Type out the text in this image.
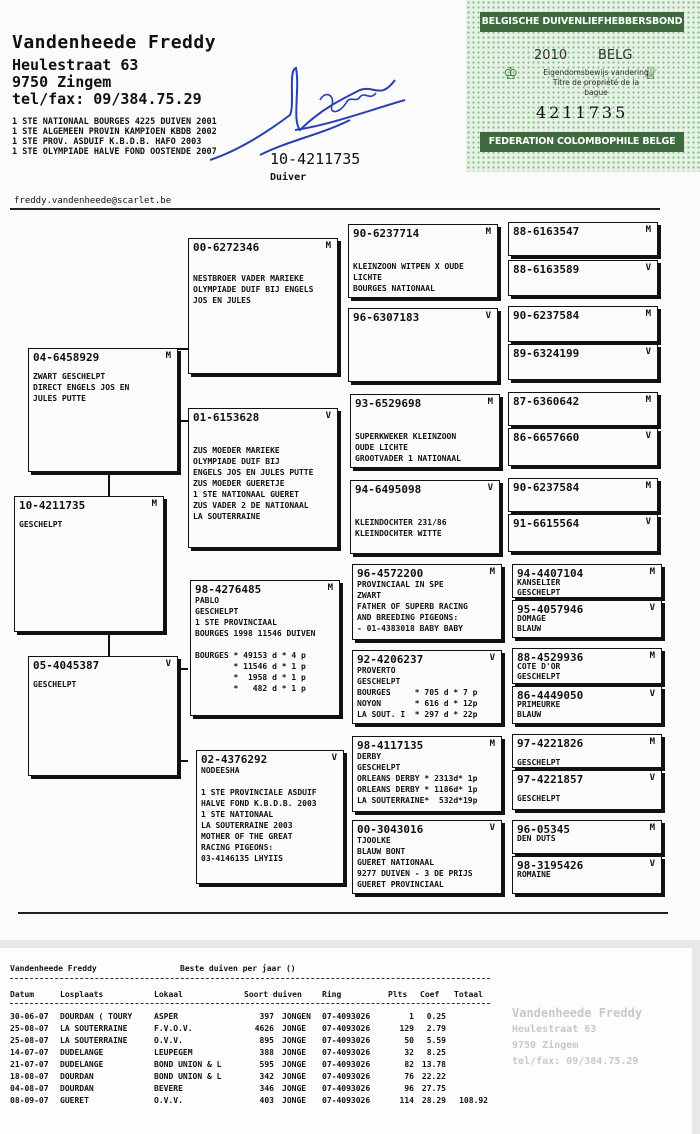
Vandenheede Freddy
Heulestraat 63
9750 Zingem
tel/fax: 09/384.75.29
1 STE NATIONAAL BOURGES 4225 DUIVEN 2001
1 STE ALGEMEEN PROVIN KAMPIOEN KBDB 2002
1 STE PROV. ASDUIF K.B.D.B. HAFO 2003
1 STE OLYMPIADE HALVE FOND OOSTENDE 2007	10-4211735
Duiver
BELGISCHE DUIVENLIEFHEBBERSBOND
2010 BELG
♔	♕
Eigendomsbewijs vandering
Titre de propriété de la bague
4211735
FEDERATION COLOMBOPHILE BELGE
freddy.vandenheede@scarlet.be
10-4211735	M
GESCHELPT
04-6458929	M
ZWART GESCHELPT
DIRECT ENGELS JOS EN
JULES PUTTE
05-4045387	V
GESCHELPT
00-6272346	M
NESTBROER VADER MARIEKE
OLYMPIADE DUIF BIJ ENGELS
JOS EN JULES
01-6153628	V
ZUS MOEDER MARIEKE
OLYMPIADE DUIF BIJ
ENGELS JOS EN JULES PUTTE
ZUS MOEDER GUERETJE
1 STE NATIONAAL GUERET
ZUS VADER 2 DE NATIONAAL
LA SOUTERRAINE
98-4276485	M
PABLO
GESCHELPT
1 STE PROVINCIAAL
BOURGES 1998 11546 DUIVEN

BOURGES * 49153 d * 4 p
* 11546 d * 1 p
*  1958 d * 1 p
*   482 d * 1 p
02-4376292	V
NODEESHA

1 STE PROVINCIALE ASDUIF
HALVE FOND K.B.D.B. 2003
1 STE NATIONAAL
LA SOUTERRAINE 2003
MOTHER OF THE GREAT
RACING PIGEONS:
03-4146135 LHYIIS
90-6237714	M
KLEINZOON WITPEN X OUDE
LICHTE
BOURGES NATIONAAL
96-6307183	V
93-6529698	M
SUPERKWEKER KLEINZOON
OUDE LICHTE
GROOTVADER 1 NATIONAAL
94-6495098	V
KLEINDOCHTER 231/86
KLEINDOCHTER WITTE
96-4572200	M
PROVINCIAAL IN SPE
ZWART
FATHER OF SUPERB RACING
AND BREEDING PIGEONS:
- 01-4383018 BABY BABY
92-4206237	V
PROVERTO
GESCHELPT
BOURGES     * 705 d * 7 p
NOYON       * 616 d * 12p
LA SOUT. I  * 297 d * 22p
98-4117135	M
DERBY
GESCHELPT
ORLEANS DERBY * 2313d* 1p
ORLEANS DERBY * 1186d* 1p
LA SOUTERRAINE*  532d*19p
00-3043016	V
TJOOLKE
BLAUW BONT
GUERET NATIONAAL
9277 DUIVEN - 3 DE PRIJS
GUERET PROVINCIAAL
88-6163547	M
88-6163589	V
90-6237584	M
89-6324199	V
87-6360642	M
86-6657660	V
90-6237584	M
91-6615564	V
94-4407104	M
KANSELIER
GESCHELPT
95-4057946	V
DOMAGE
BLAUW
88-4529936	M
COTE D'OR
GESCHELPT
86-4449050	V
PRIMEURKE
BLAUW
97-4221826	M

GESCHELPT
97-4221857	V

GESCHELPT
96-05345	M
DEN DUTS
98-3195426	V
ROMAINE
Vandenheede Freddy
Heulestraat 63
9750 Zingem
tel/fax: 09/384.75.29
Vandenheede Freddy	Beste duiven per jaar ()
Datum	Losplaats	Lokaal	Soort duiven	Ring	Plts Coef Totaal
30-06-07 DOURDAN ( TOURY	ASPER	397 JONGEN 07-4093026	1 0.25
25-08-07 LA SOUTERRAINE	F.V.O.V.	4626 JONGE 07-4093026	129 2.79
25-08-07 LA SOUTERRAINE	O.V.V.	895 JONGE 07-4093026	50 5.59
14-07-07 DUDELANGE	LEUPEGEM	388 JONGE 07-4093026	32 8.25
21-07-07 DUDELANGE	BOND UNION & L	595 JONGE 07-4093026	82 13.78
18-08-07 DOURDAN	BOND UNION & L	342 JONGE 07-4093026	76 22.22
04-08-07 DOURDAN	BEVERE	346 JONGE 07-4093026	96 27.75
08-09-07 GUERET	O.V.V.	403 JONGE 07-4093026	114 28.29 108.92
